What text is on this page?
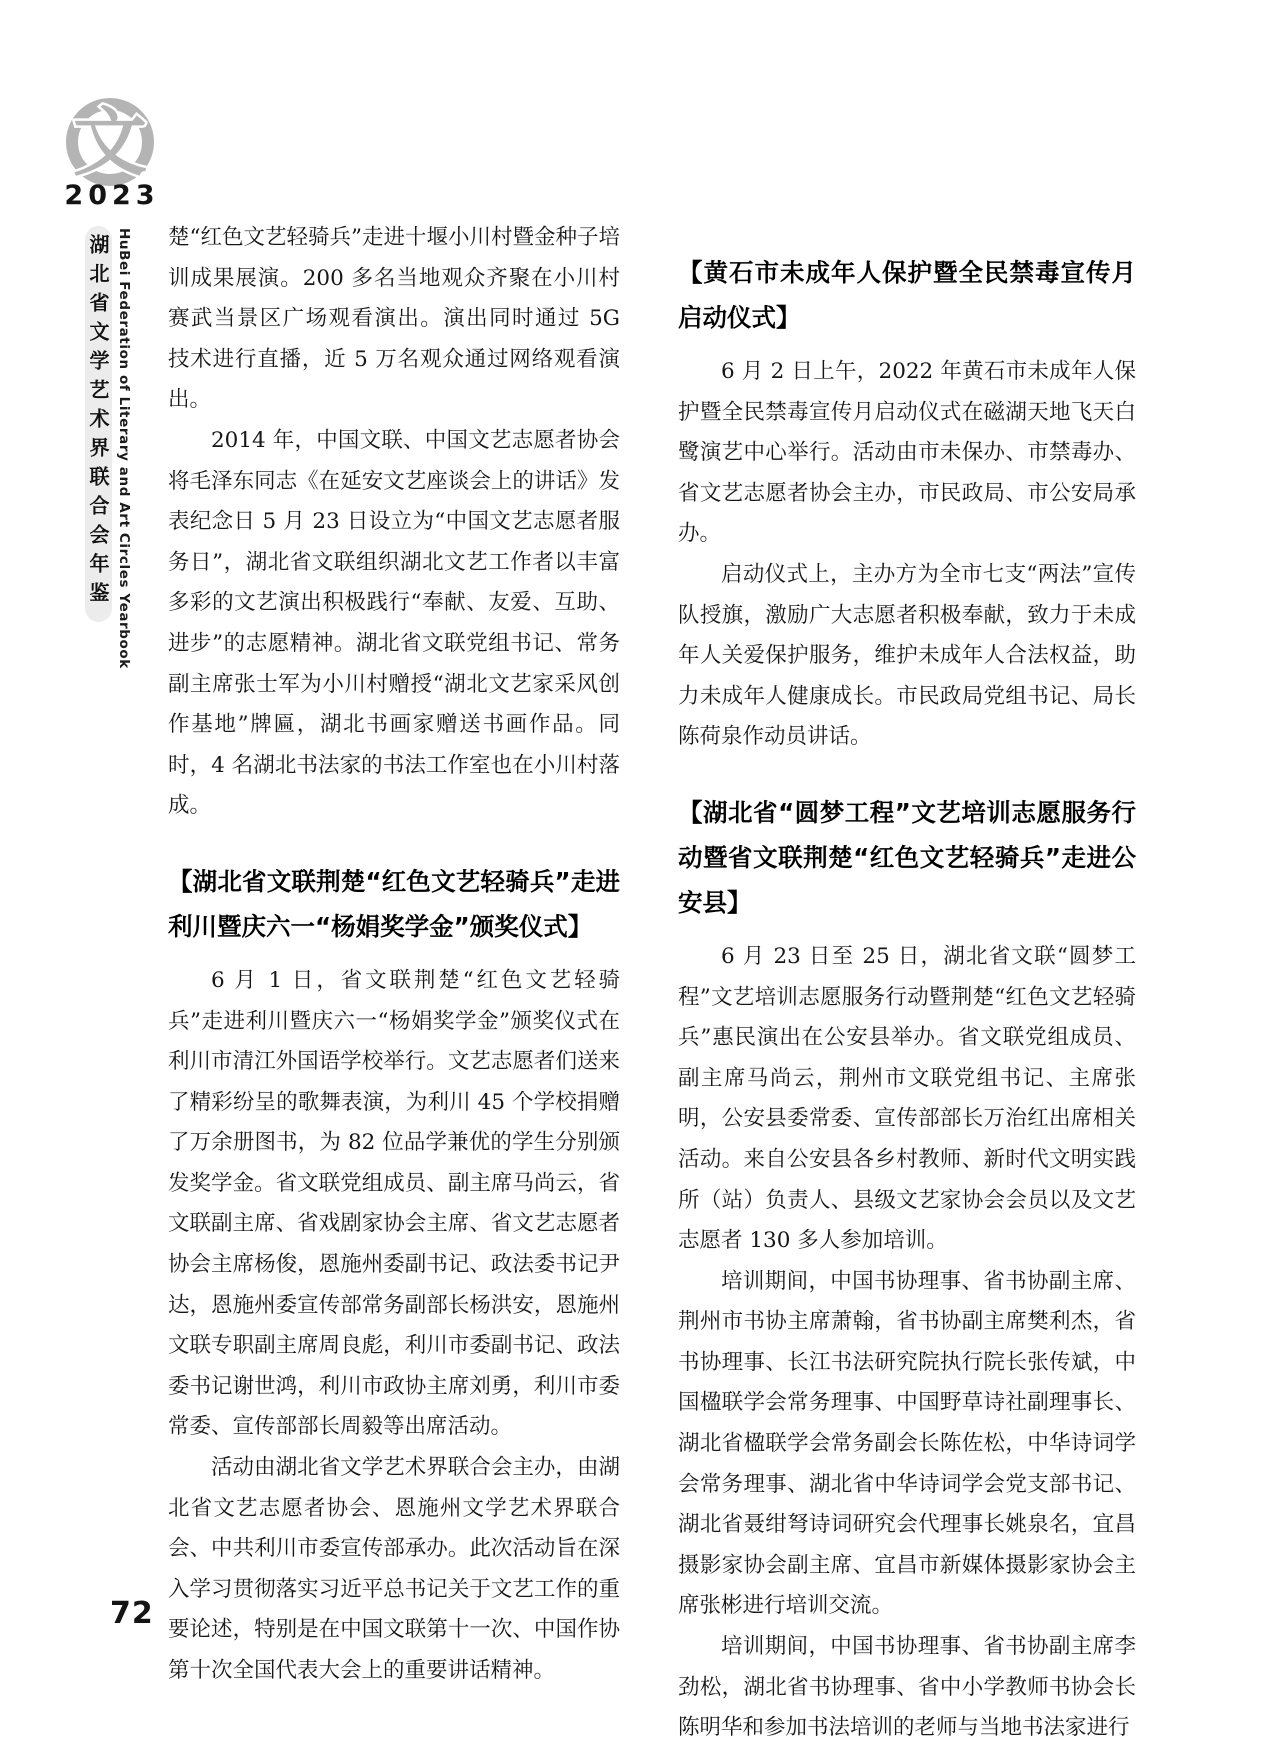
文
2023
湖北省文学艺术界联合会年鉴 HuBei Federation of Literary and Art Circles Yearbook 楚“红色文艺轻骑兵”走进十堰小川村暨金种子培训成果展演。200 多名当地观众齐聚在小川村赛武当景区广场观看演出。演出同时通过 5G 技术进行直播，近 5 万名观众通过网络观看演出。

2014 年，中国文联、中国文艺志愿者协会将毛泽东同志《在延安文艺座谈会上的讲话》发表纪念日 5 月 23 日设立为“中国文艺志愿者服务日”，湖北省文联组织湖北文艺工作者以丰富多彩的文艺演出积极践行“奉献、友爱、互助、进步”的志愿精神。湖北省文联党组书记、常务副主席张士军为小川村赠授“湖北文艺家采风创作基地”牌匾，湖北书画家赠送书画作品。同时，4 名湖北书法家的书法工作室也在小川村落成。

【湖北省文联荆楚“红色文艺轻骑兵”走进利川暨庆六一“杨娟奖学金”颁奖仪式】

6 月 1 日，省文联荆楚“红色文艺轻骑兵”走进利川暨庆六一“杨娟奖学金”颁奖仪式在利川市清江外国语学校举行。文艺志愿者们送来了精彩纷呈的歌舞表演，为利川 45 个学校捐赠了万余册图书，为 82 位品学兼优的学生分别颁发奖学金。省文联党组成员、副主席马尚云，省文联副主席、省戏剧家协会主席、省文艺志愿者协会主席杨俊，恩施州委副书记、政法委书记尹达，恩施州委宣传部常务副部长杨洪安，恩施州文联专职副主席周良彪，利川市委副书记、政法委书记谢世鸿，利川市政协主席刘勇，利川市委常委、宣传部部长周毅等出席活动。

活动由湖北省文学艺术界联合会主办，由湖北省文艺志愿者协会、恩施州文学艺术界联合会、中共利川市委宣传部承办。此次活动旨在深入学习贯彻落实习近平总书记关于文艺工作的重要论述，特别是在中国文联第十一次、中国作协第十次全国代表大会上的重要讲话精神。

【黄石市未成年人保护暨全民禁毒宣传月启动仪式】

6 月 2 日上午，2022 年黄石市未成年人保护暨全民禁毒宣传月启动仪式在磁湖天地飞天白鹭演艺中心举行。活动由市未保办、市禁毒办、省文艺志愿者协会主办，市民政局、市公安局承办。

启动仪式上，主办方为全市七支“两法”宣传队授旗，激励广大志愿者积极奉献，致力于未成年人关爱保护服务，维护未成年人合法权益，助力未成年人健康成长。市民政局党组书记、局长陈荷泉作动员讲话。

【湖北省“圆梦工程”文艺培训志愿服务行动暨省文联荆楚“红色文艺轻骑兵”走进公安县】

6 月 23 日至 25 日，湖北省文联“圆梦工程”文艺培训志愿服务行动暨荆楚“红色文艺轻骑兵”惠民演出在公安县举办。省文联党组成员、副主席马尚云，荆州市文联党组书记、主席张明，公安县委常委、宣传部部长万治红出席相关活动。来自公安县各乡村教师、新时代文明实践所（站）负责人、县级文艺家协会会员以及文艺志愿者 130 多人参加培训。

培训期间，中国书协理事、省书协副主席、荆州市书协主席萧翰，省书协副主席樊利杰，省书协理事、长江书法研究院执行院长张传斌，中国楹联学会常务理事、中国野草诗社副理事长、湖北省楹联学会常务副会长陈佐松，中华诗词学会常务理事、湖北省中华诗词学会党支部书记、湖北省聂绀弩诗词研究会代理事长姚泉名，宜昌摄影家协会副主席、宜昌市新媒体摄影家协会主席张彬进行培训交流。

培训期间，中国书协理事、省书协副主席李劲松，湖北省书协理事、省中小学教师书协会长陈明华和参加书法培训的老师与当地书法家进行

72
